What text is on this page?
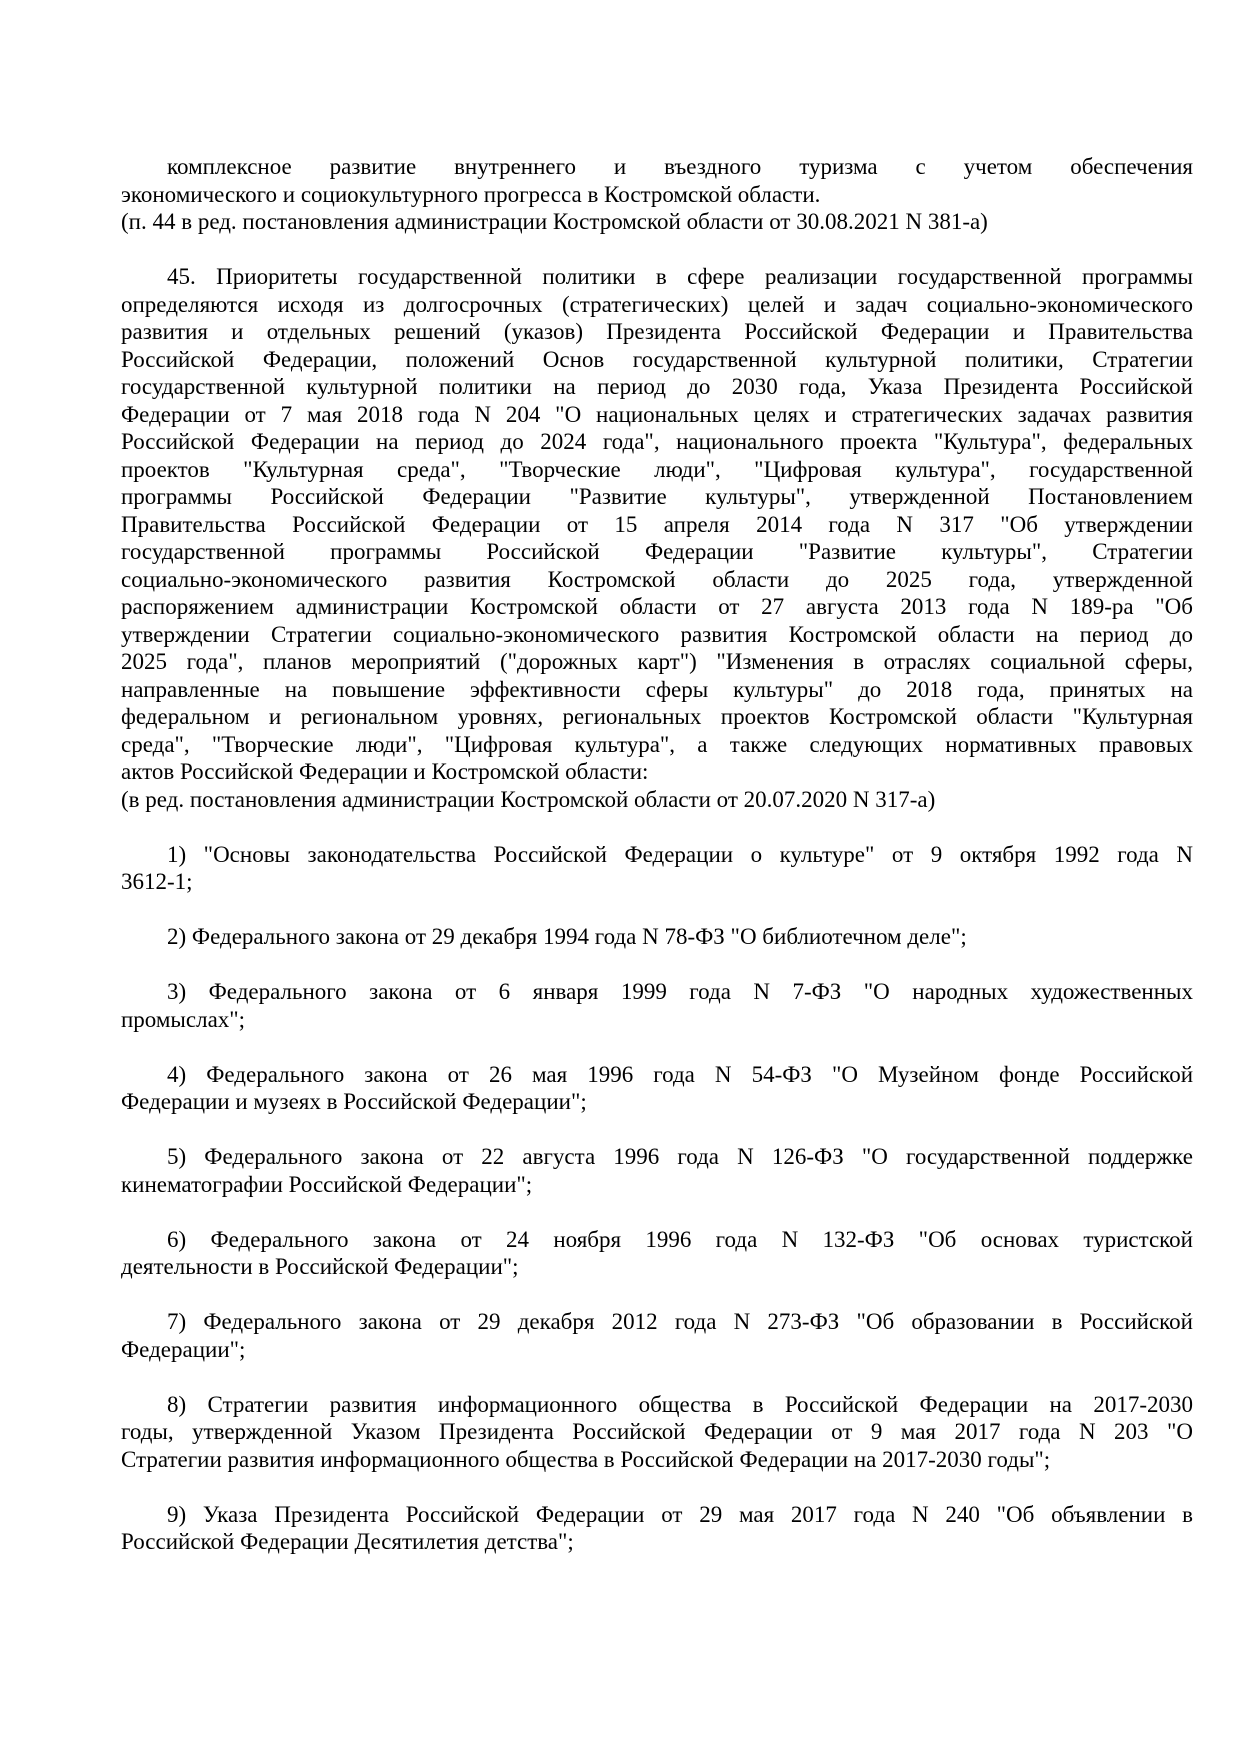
комплексное развитие внутреннего и въездного туризма с учетом обеспечения
экономического и социокультурного прогресса в Костромской области.
(п. 44 в ред. постановления администрации Костромской области от 30.08.2021 N 381-а)
45. Приоритеты государственной политики в сфере реализации государственной программы
определяются исходя из долгосрочных (стратегических) целей и задач социально-экономического
развития и отдельных решений (указов) Президента Российской Федерации и Правительства
Российской Федерации, положений Основ государственной культурной политики, Стратегии
государственной культурной политики на период до 2030 года, Указа Президента Российской
Федерации от 7 мая 2018 года N 204 "О национальных целях и стратегических задачах развития
Российской Федерации на период до 2024 года", национального проекта "Культура", федеральных
проектов "Культурная среда", "Творческие люди", "Цифровая культура", государственной
программы Российской Федерации "Развитие культуры", утвержденной Постановлением
Правительства Российской Федерации от 15 апреля 2014 года N 317 "Об утверждении
государственной программы Российской Федерации "Развитие культуры", Стратегии
социально-экономического развития Костромской области до 2025 года, утвержденной
распоряжением администрации Костромской области от 27 августа 2013 года N 189-ра "Об
утверждении Стратегии социально-экономического развития Костромской области на период до
2025 года", планов мероприятий ("дорожных карт") "Изменения в отраслях социальной сферы,
направленные на повышение эффективности сферы культуры" до 2018 года, принятых на
федеральном и региональном уровнях, региональных проектов Костромской области "Культурная
среда", "Творческие люди", "Цифровая культура", а также следующих нормативных правовых
актов Российской Федерации и Костромской области:
(в ред. постановления администрации Костромской области от 20.07.2020 N 317-а)
1) "Основы законодательства Российской Федерации о культуре" от 9 октября 1992 года N
3612-1;
2) Федерального закона от 29 декабря 1994 года N 78-ФЗ "О библиотечном деле";
3) Федерального закона от 6 января 1999 года N 7-ФЗ "О народных художественных
промыслах";
4) Федерального закона от 26 мая 1996 года N 54-ФЗ "О Музейном фонде Российской
Федерации и музеях в Российской Федерации";
5) Федерального закона от 22 августа 1996 года N 126-ФЗ "О государственной поддержке
кинематографии Российской Федерации";
6) Федерального закона от 24 ноября 1996 года N 132-ФЗ "Об основах туристской
деятельности в Российской Федерации";
7) Федерального закона от 29 декабря 2012 года N 273-ФЗ "Об образовании в Российской
Федерации";
8) Стратегии развития информационного общества в Российской Федерации на 2017-2030
годы, утвержденной Указом Президента Российской Федерации от 9 мая 2017 года N 203 "О
Стратегии развития информационного общества в Российской Федерации на 2017-2030 годы";
9) Указа Президента Российской Федерации от 29 мая 2017 года N 240 "Об объявлении в
Российской Федерации Десятилетия детства";
